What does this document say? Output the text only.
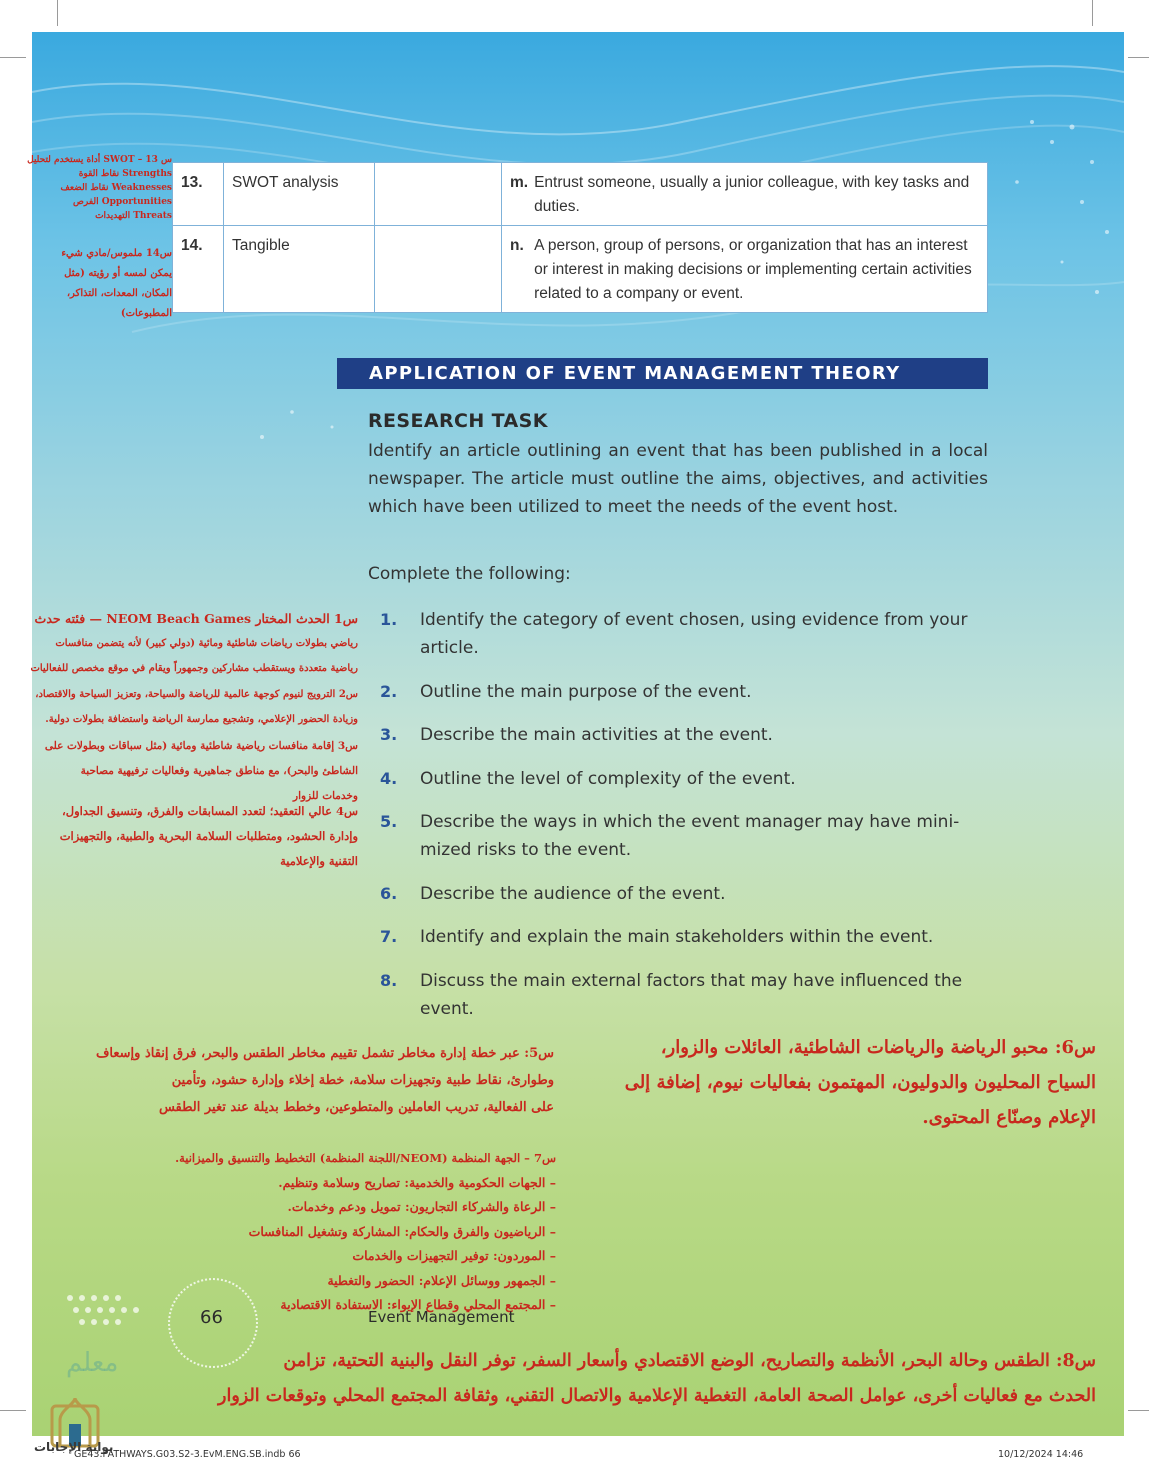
13.	SWOT analysis		m.	Entrust someone, usually a junior colleague, with key tasks and duties.
14.	Tangible		n.	A person, group of persons, or organization that has an interest or interest in making decisions or implementing certain activities related to a company or event.
س 13 – SWOT أداة يستخدم لتحليل
Strengths نقاط القوة
Weaknesses نقاط الضعف
Opportunities الفرص
Threats التهديدات
س14 ملموس/مادي شيء
يمكن لمسه أو رؤيته (مثل
المكان، المعدات، التذاكر،
المطبوعات)
APPLICATION OF EVENT MANAGEMENT THEORY
RESEARCH TASK
Identify an article outlining an event that has been published in a local newspaper. The article must outline the aims, objectives, and activities which have been utilized to meet the needs of the event host.
Complete the following:
1.	Identify the category of event chosen, using evidence from your article.
2.	Outline the main purpose of the event.
3.	Describe the main activities at the event.
4.	Outline the level of complexity of the event.
5.	Describe the ways in which the event manager may have mini-mized risks to the event.
6.	Describe the audience of the event.
7.	Identify and explain the main stakeholders within the event.
8.	Discuss the main external factors that may have influenced the event.
س1 الحدث المختار NEOM Beach Games — فئته حدث
رياضي بطولات رياضات شاطئية ومائية (دولي كبير) لأنه يتضمن منافسات
رياضية متعددة ويستقطب مشاركين وجمهوراً ويقام في موقع مخصص للفعاليات
س2 الترويج لنيوم كوجهة عالمية للرياضة والسياحة، وتعزيز السياحة والاقتصاد،
وزيادة الحضور الإعلامي، وتشجيع ممارسة الرياضة واستضافة بطولات دولية.
س3 إقامة منافسات رياضية شاطئية ومائية (مثل سباقات وبطولات على
الشاطئ والبحر)، مع مناطق جماهيرية وفعاليات ترفيهية مصاحبة
وخدمات للزوار
س4 عالي التعقيد؛ لتعدد المسابقات والفرق، وتنسيق الجداول،
وإدارة الحشود، ومتطلبات السلامة البحرية والطبية، والتجهيزات
التقنية والإعلامية
س5: عبر خطة إدارة مخاطر تشمل تقييم مخاطر الطقس والبحر، فرق إنقاذ وإسعاف
وطوارئ، نقاط طبية وتجهيزات سلامة، خطة إخلاء وإدارة حشود، وتأمين
على الفعالية، تدريب العاملين والمتطوعين، وخطط بديلة عند تغير الطقس
س6: محبو الرياضة والرياضات الشاطئية، العائلات والزوار،
السياح المحليون والدوليون، المهتمون بفعاليات نيوم، إضافة إلى
الإعلام وصنّاع المحتوى.
س7 – الجهة المنظمة (NEOM/اللجنة المنظمة) التخطيط والتنسيق والميزانية.
– الجهات الحكومية والخدمية: تصاريح وسلامة وتنظيم.
– الرعاة والشركاء التجاريون: تمويل ودعم وخدمات.
– الرياضيون والفرق والحكام: المشاركة وتشغيل المنافسات
– الموردون: توفير التجهيزات والخدمات
– الجمهور ووسائل الإعلام: الحضور والتغطية
– المجتمع المحلي وقطاع الإيواء: الاستفادة الاقتصادية
66	Event Management
معلم	س8: الطقس وحالة البحر، الأنظمة والتصاريح، الوضع الاقتصادي وأسعار السفر، توفر النقل والبنية التحتية، تزامن
الحدث مع فعاليات أخرى، عوامل الصحة العامة، التغطية الإعلامية والاتصال التقني، وثقافة المجتمع المحلي وتوقعات الزوار
بوابة الإجابات
GE43.PATHWAYS.G03.S2-3.EvM.ENG.SB.indb 66	10/12/2024 14:46
